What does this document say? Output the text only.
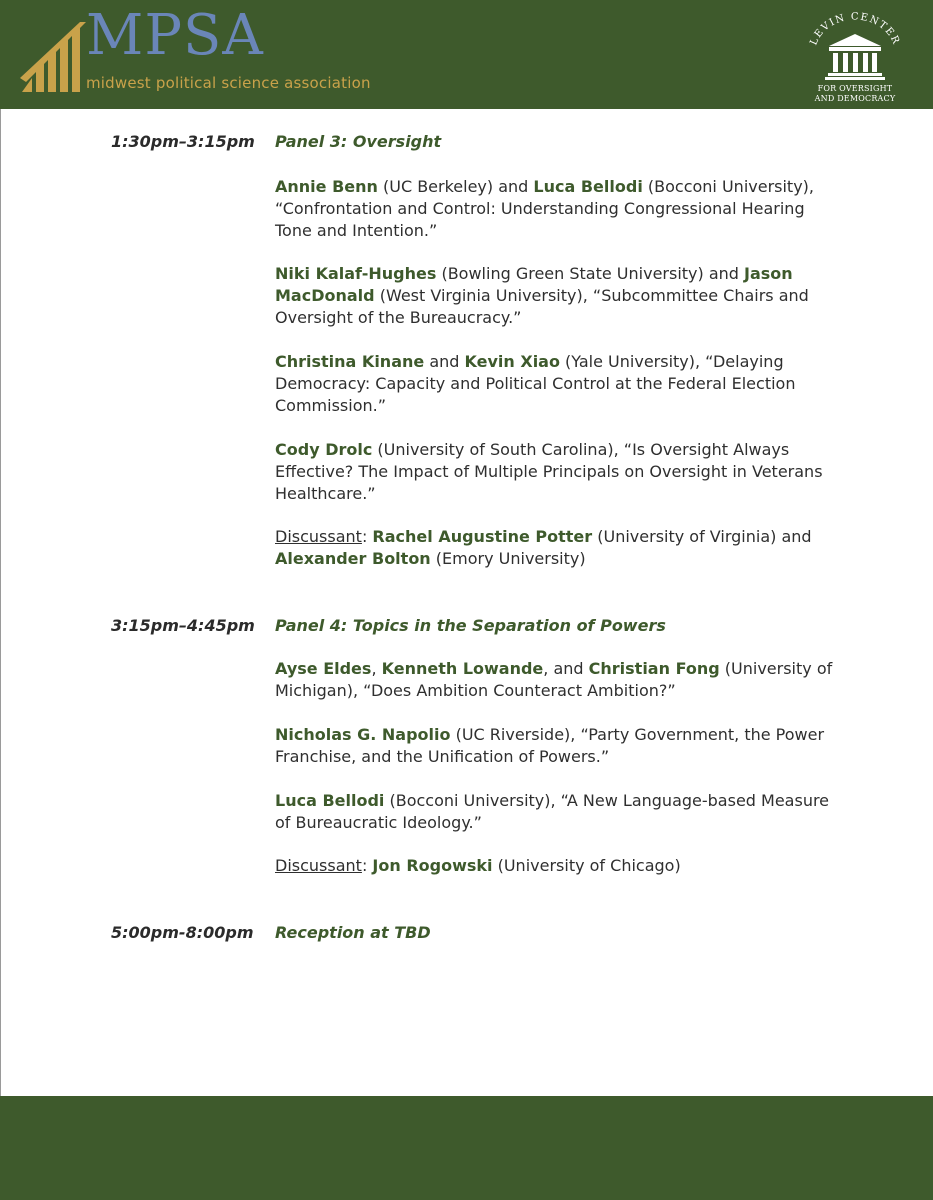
MPSA
midwest political science association
LEVIN CENTER
FOR OVERSIGHT
AND DEMOCRACY
1:30pm–3:15pm	Panel 3: Oversight
Annie Benn (UC Berkeley) and Luca Bellodi (Bocconi University), “Confrontation and Control: Understanding Congressional Hearing Tone and Intention.”
Niki Kalaf-Hughes (Bowling Green State University) and Jason MacDonald (West Virginia University), “Subcommittee Chairs and Oversight of the Bureaucracy.”
Christina Kinane and Kevin Xiao (Yale University), “Delaying Democracy: Capacity and Political Control at the Federal Election Commission.”
Cody Drolc (University of South Carolina), “Is Oversight Always Effective? The Impact of Multiple Principals on Oversight in Veterans Healthcare.”
Discussant: Rachel Augustine Potter (University of Virginia) and Alexander Bolton (Emory University)
3:15pm–4:45pm	Panel 4: Topics in the Separation of Powers
Ayse Eldes, Kenneth Lowande, and Christian Fong (University of Michigan), “Does Ambition Counteract Ambition?”
Nicholas G. Napolio (UC Riverside), “Party Government, the Power Franchise, and the Unification of Powers.”
Luca Bellodi (Bocconi University), “A New Language-based Measure of Bureaucratic Ideology.”
Discussant: Jon Rogowski (University of Chicago)
5:00pm-8:00pm	Reception at TBD
